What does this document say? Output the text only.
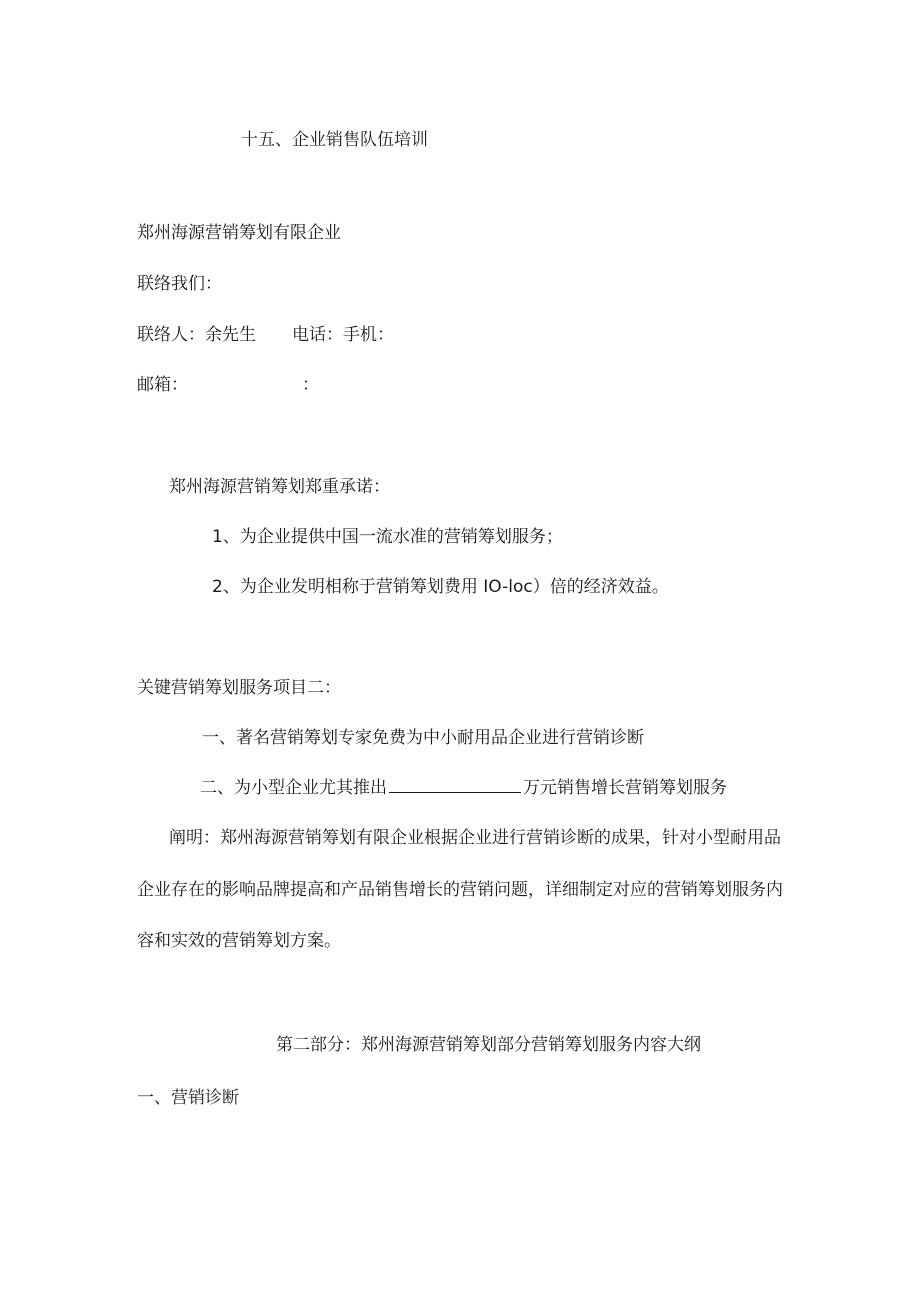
十五、企业销售队伍培训
郑州海源营销筹划有限企业
联络我们：
联络人：余先生 电话：手机：
邮箱：	：
郑州海源营销筹划郑重承诺：
1、为企业提供中国一流水准的营销筹划服务；
2、为企业发明相称于营销筹划费用 IO-loc）倍的经济效益。
关键营销筹划服务项目二：
一、著名营销筹划专家免费为中小耐用品企业进行营销诊断
二、为小型企业尤其推出	万元销售增长营销筹划服务
阐明：郑州海源营销筹划有限企业根据企业进行营销诊断的成果，针对小型耐用品
企业存在的影响品牌提高和产品销售增长的营销问题，详细制定对应的营销筹划服务内
容和实效的营销筹划方案。
第二部分：郑州海源营销筹划部分营销筹划服务内容大纲
一、营销诊断
